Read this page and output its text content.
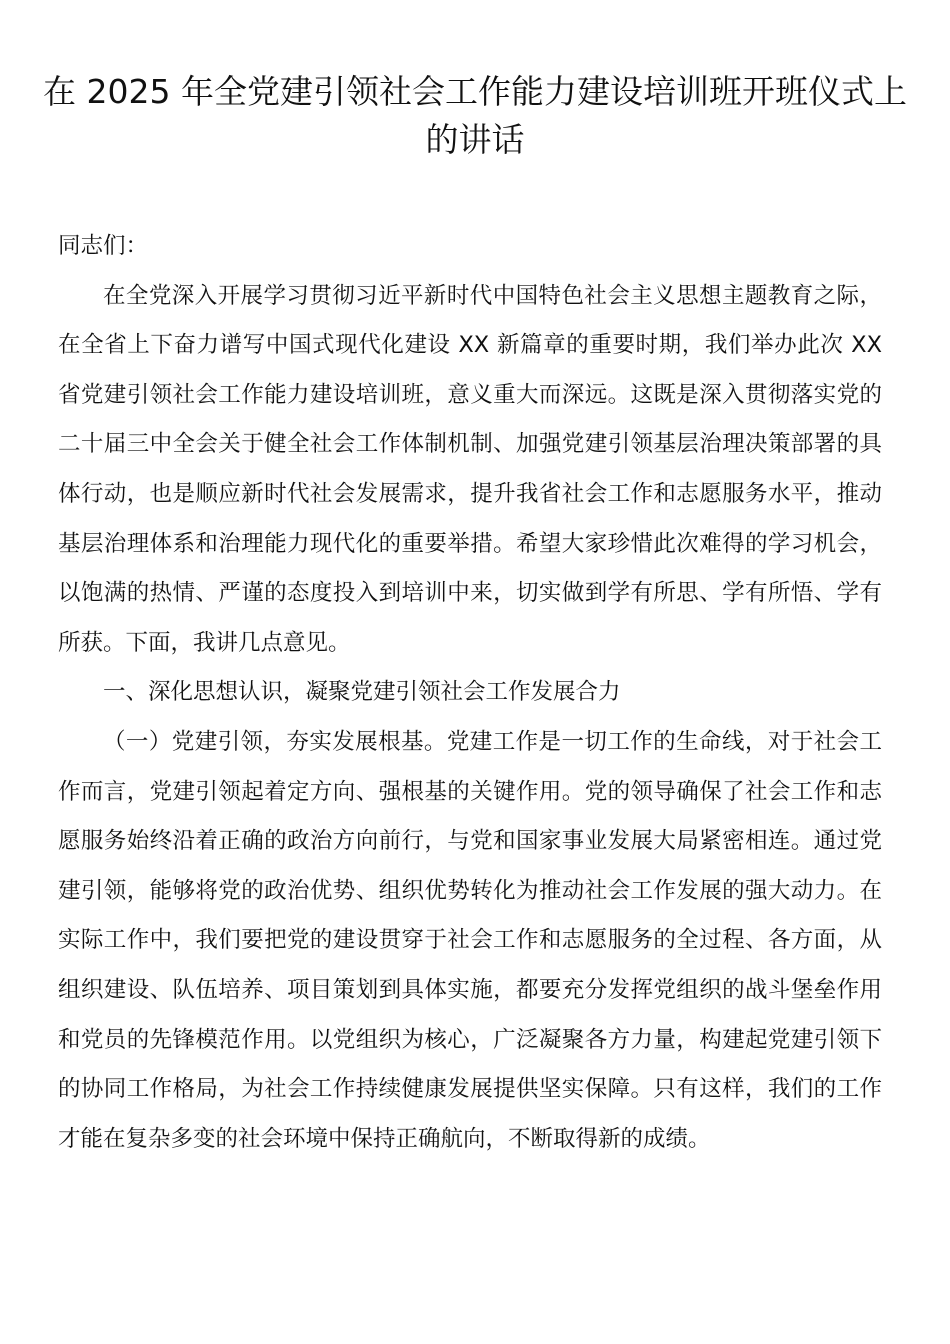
在 2025 年全党建引领社会工作能力建设培训班开班仪式上的讲话

同志们：

在全党深入开展学习贯彻习近平新时代中国特色社会主义思想主题教育之际，在全省上下奋力谱写中国式现代化建设 XX 新篇章的重要时期，我们举办此次 XX 省党建引领社会工作能力建设培训班，意义重大而深远。这既是深入贯彻落实党的二十届三中全会关于健全社会工作体制机制、加强党建引领基层治理决策部署的具体行动，也是顺应新时代社会发展需求，提升我省社会工作和志愿服务水平，推动基层治理体系和治理能力现代化的重要举措。希望大家珍惜此次难得的学习机会，以饱满的热情、严谨的态度投入到培训中来，切实做到学有所思、学有所悟、学有所获。下面，我讲几点意见。

一、深化思想认识，凝聚党建引领社会工作发展合力

（一）党建引领，夯实发展根基。党建工作是一切工作的生命线，对于社会工作而言，党建引领起着定方向、强根基的关键作用。党的领导确保了社会工作和志愿服务始终沿着正确的政治方向前行，与党和国家事业发展大局紧密相连。通过党建引领，能够将党的政治优势、组织优势转化为推动社会工作发展的强大动力。在实际工作中，我们要把党的建设贯穿于社会工作和志愿服务的全过程、各方面，从组织建设、队伍培养、项目策划到具体实施，都要充分发挥党组织的战斗堡垒作用和党员的先锋模范作用。以党组织为核心，广泛凝聚各方力量，构建起党建引领下的协同工作格局，为社会工作持续健康发展提供坚实保障。只有这样，我们的工作才能在复杂多变的社会环境中保持正确航向，不断取得新的成绩。
